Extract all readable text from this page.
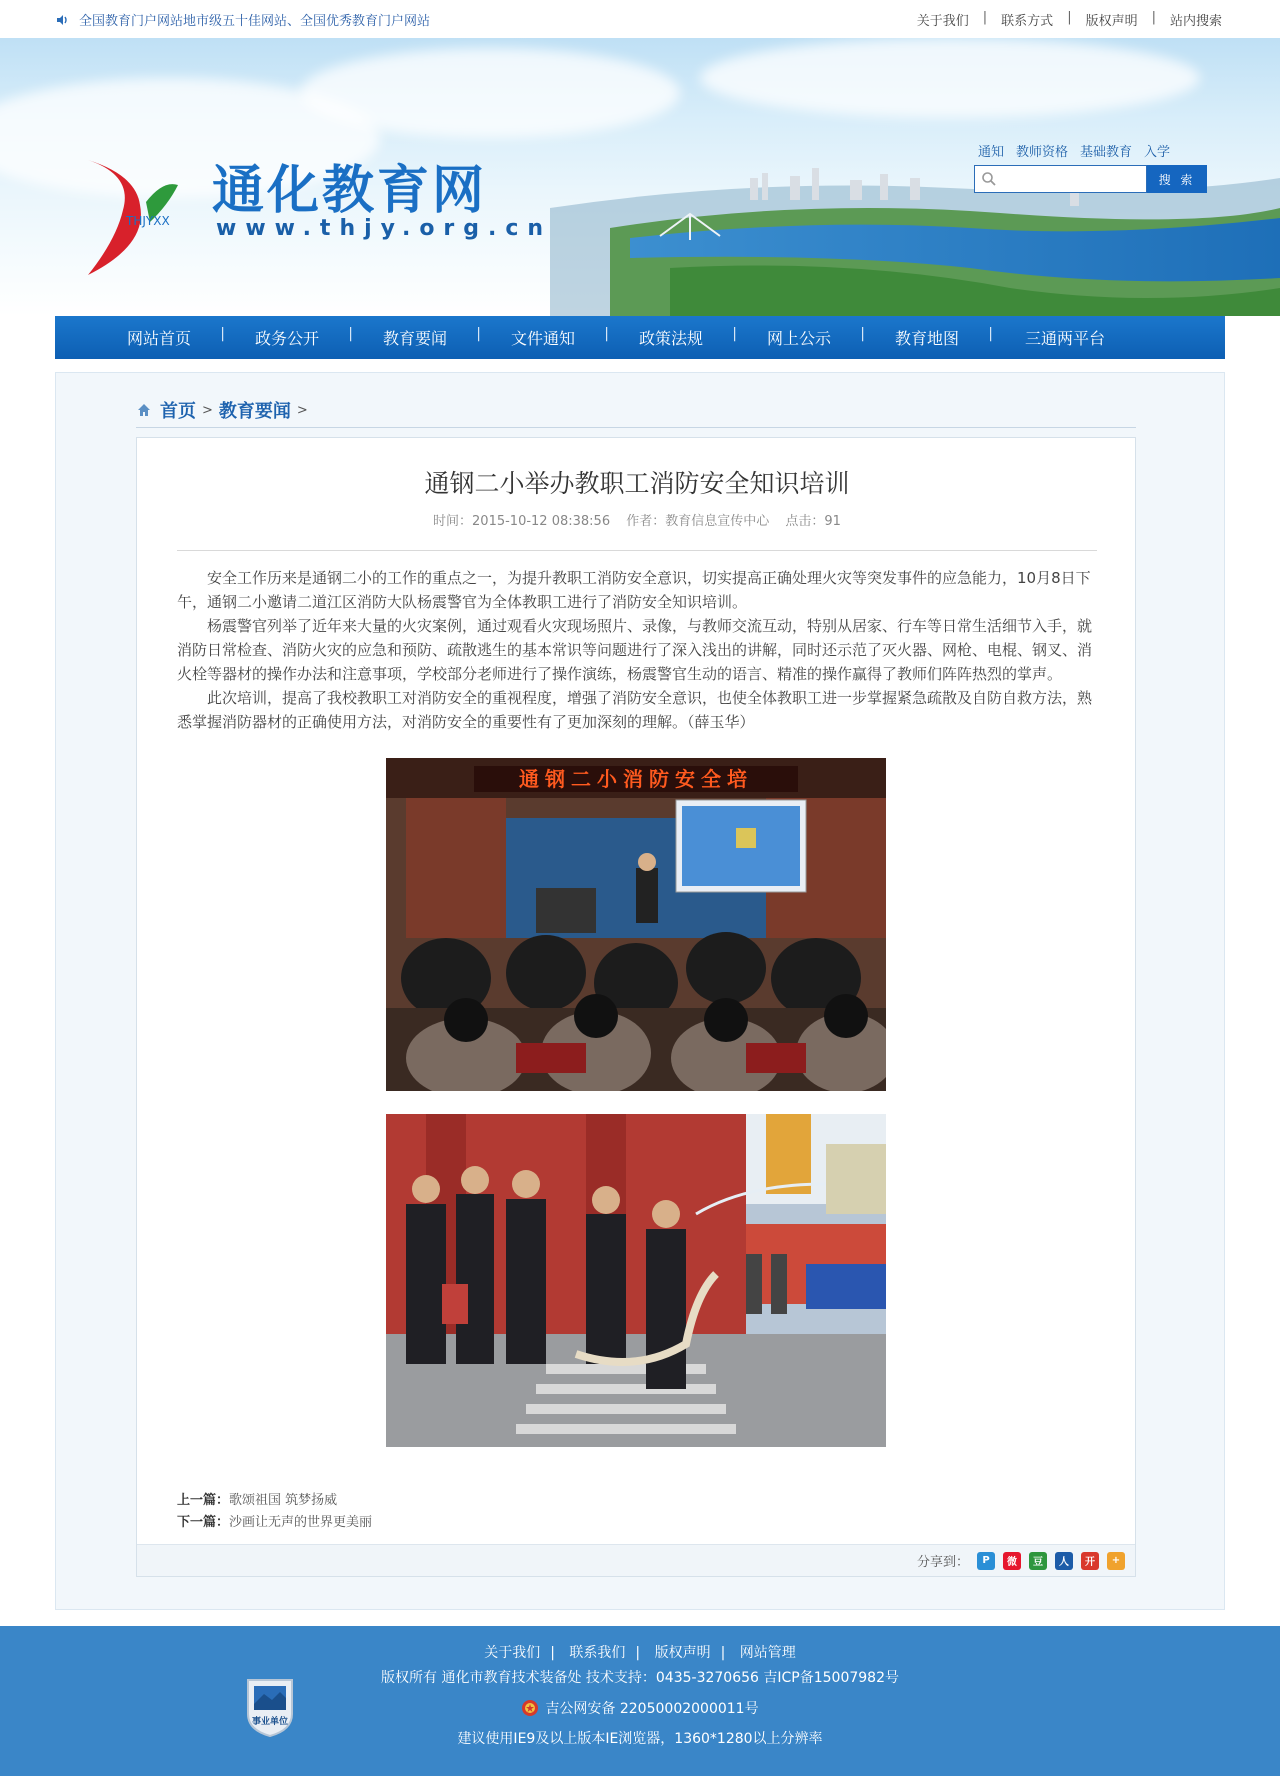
全国教育门户网站地市级五十佳网站、全国优秀教育门户网站	关于我们 | 联系方式 | 版权声明 | 站内搜索
通化教育网
www.thjy.org.cn
THJYXX
通知 教师资格 基础教育 入学
搜 索
网站首页 |	政务公开 |	教育要闻 |	文件通知 |	政策法规 |	网上公示 |	教育地图 |	三通两平台
首页 > 教育要闻 >
通钢二小举办教职工消防安全知识培训
时间：2015-10-12 08:38:56 作者：教育信息宣传中心 点击：91

安全工作历来是通钢二小的工作的重点之一，为提升教职工消防安全意识，切实提高正确处理火灾等突发事件的应急能力，10月8日下午，通钢二小邀请二道江区消防大队杨震警官为全体教职工进行了消防安全知识培训。

杨震警官列举了近年来大量的火灾案例，通过观看火灾现场照片、录像，与教师交流互动，特别从居家、行车等日常生活细节入手，就消防日常检查、消防火灾的应急和预防、疏散逃生的基本常识等问题进行了深入浅出的讲解，同时还示范了灭火器、网枪、电棍、钢叉、消火栓等器材的操作办法和注意事项，学校部分老师进行了操作演练，杨震警官生动的语言、精准的操作赢得了教师们阵阵热烈的掌声。

此次培训，提高了我校教职工对消防安全的重视程度，增强了消防安全意识，也使全体教职工进一步掌握紧急疏散及自防自救方法，熟悉掌握消防器材的正确使用方法，对消防安全的重要性有了更加深刻的理解。（薛玉华）

通钢二小消防安全培
上一篇：歌颂祖国 筑梦扬威
下一篇：沙画让无声的世界更美丽
分享到：	P	微	豆	人	开	+
事业单位
关于我们 | 联系我们 | 版权声明 | 网站管理
版权所有 通化市教育技术装备处 技术支持：0435-3270656 吉ICP备15007982号
吉公网安备 22050002000011号
建议使用IE9及以上版本IE浏览器，1360*1280以上分辨率
